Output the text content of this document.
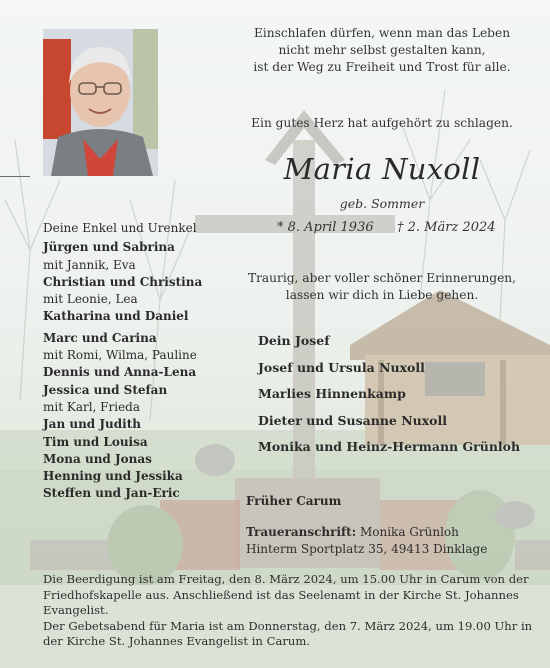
Einschlafen dürfen, wenn man das Leben
nicht mehr selbst gestalten kann,
ist der Weg zu Freiheit und Trost für alle.
Ein gutes Herz hat aufgehört zu schlagen.
Maria Nuxoll
geb. Sommer
* 8. April 1936 † 2. März 2024
Traurig, aber voller schöner Erinnerungen,
lassen wir dich in Liebe gehen.
Deine Enkel und Urenkel
Jürgen und Sabrina
mit Jannik, Eva
Christian und Christina
mit Leonie, Lea
Katharina und Daniel
Marc und Carina
mit Romi, Wilma, Pauline
Dennis und Anna-Lena
Jessica und Stefan
mit Karl, Frieda
Jan und Judith
Tim und Louisa
Mona und Jonas
Henning und Jessika
Steffen und Jan-Eric
Dein Josef
Josef und Ursula Nuxoll
Marlies Hinnenkamp
Dieter und Susanne Nuxoll
Monika und Heinz-Hermann Grünloh
Früher Carum
Traueranschrift: Monika Grünloh
Hinterm Sportplatz 35, 49413 Dinklage
Die Beerdigung ist am Freitag, den 8. März 2024, um 15.00 Uhr in Carum von der
Friedhofskapelle aus. Anschließend ist das Seelenamt in der Kirche St. Johannes
Evangelist.
Der Gebetsabend für Maria ist am Donnerstag, den 7. März 2024, um 19.00 Uhr in
der Kirche St. Johannes Evangelist in Carum.
